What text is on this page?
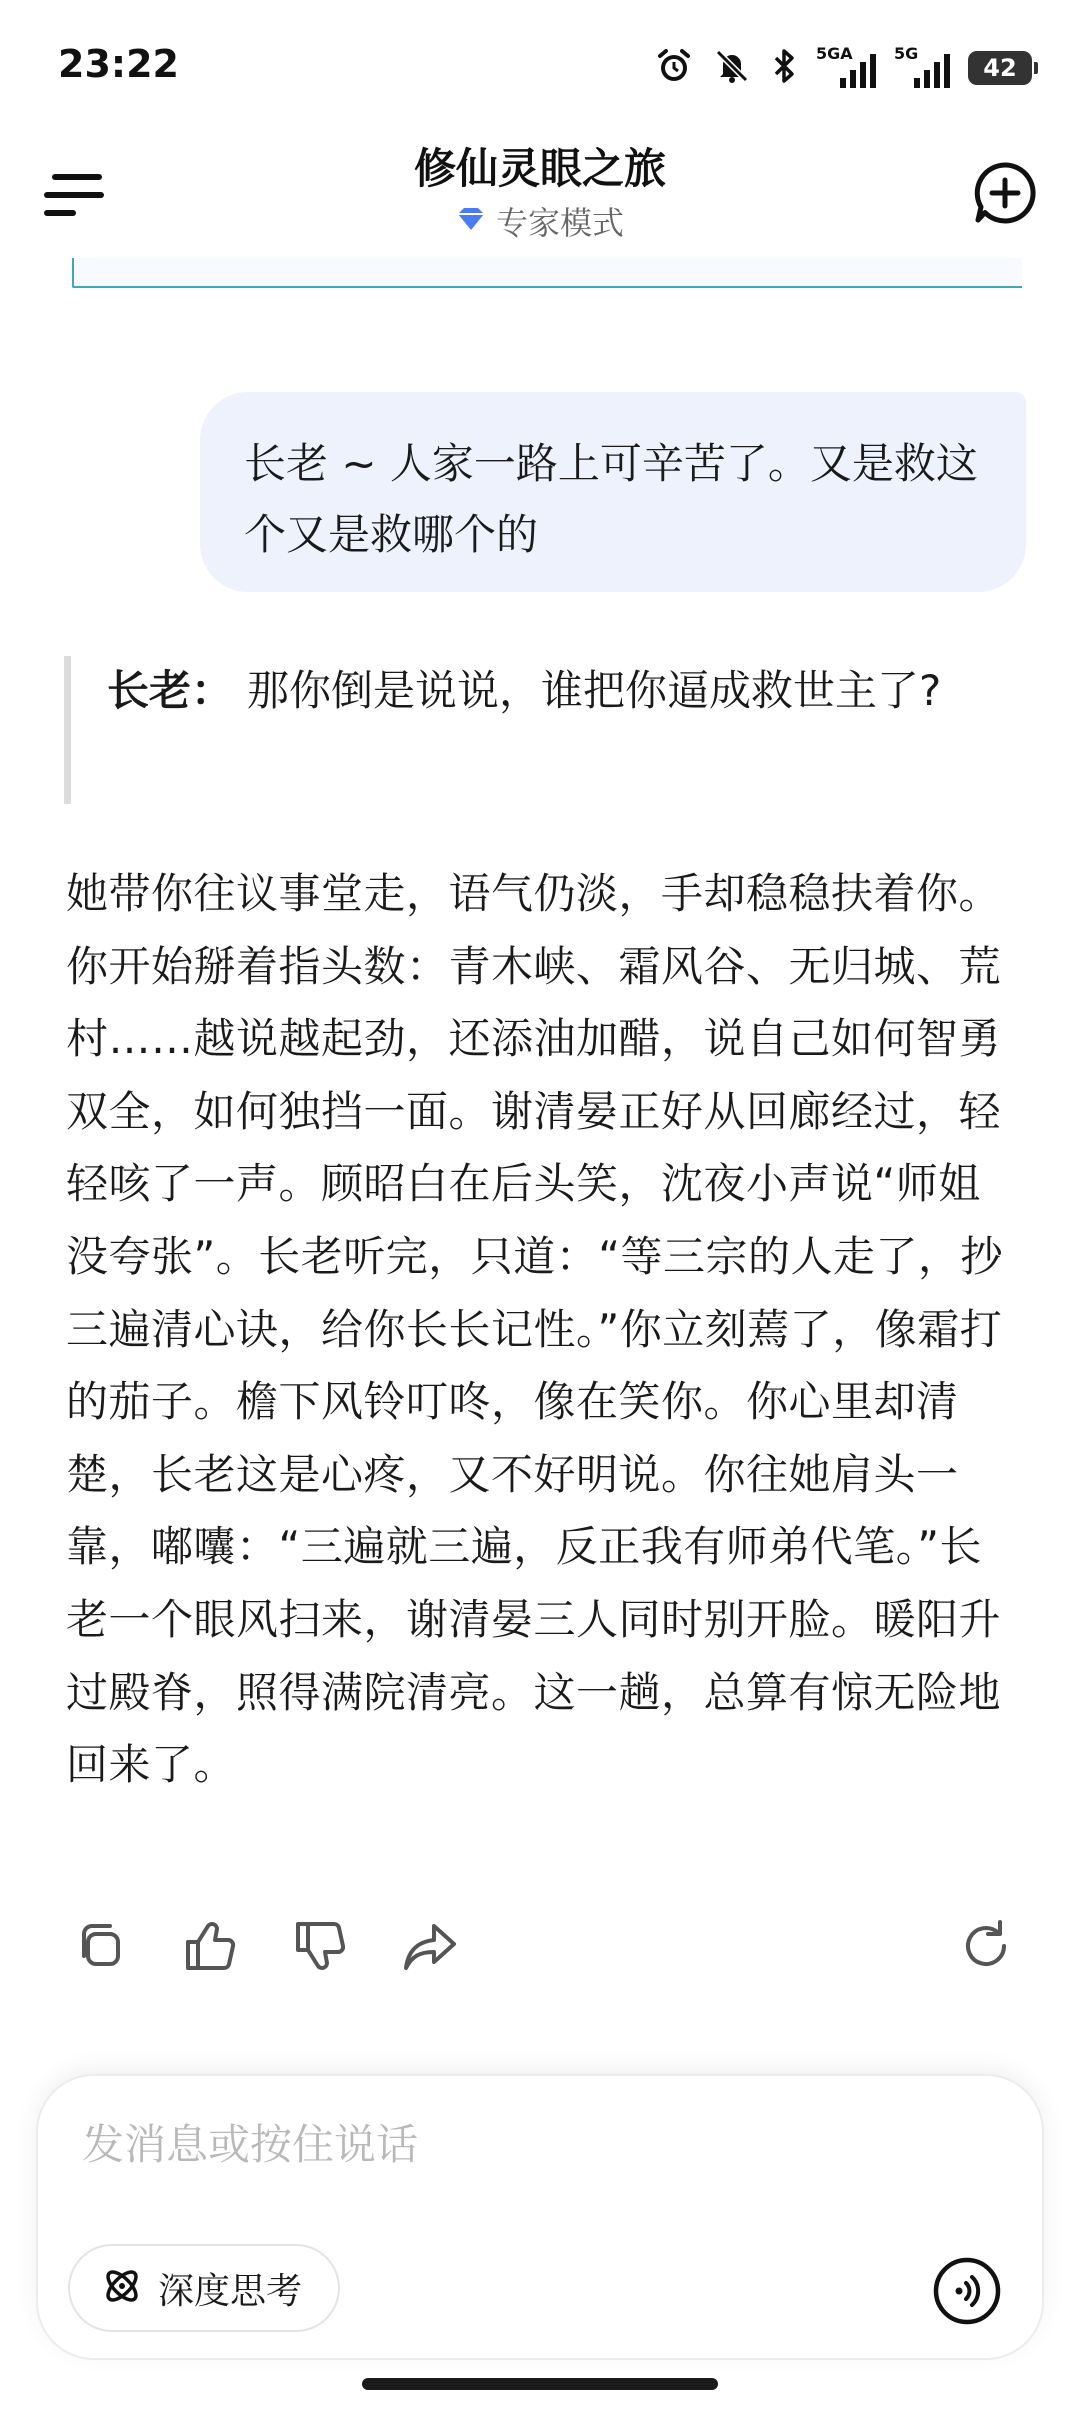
23:22	5GA	5G
42
修仙灵眼之旅
专家模式
长老 ~ 人家一路上可辛苦了。又是救这个又是救哪个的
长老： 那你倒是说说，谁把你逼成救世主了?
她带你往议事堂走，语气仍淡，手却稳稳扶着你。你开始掰着指头数：青木峡、霜风谷、无归城、荒村……越说越起劲，还添油加醋，说自己如何智勇双全，如何独挡一面。谢清晏正好从回廊经过，轻轻咳了一声。顾昭白在后头笑，沈夜小声说“师姐没夸张”。长老听完，只道：“等三宗的人走了，抄三遍清心诀，给你长长记性。”你立刻蔫了，像霜打的茄子。檐下风铃叮咚，像在笑你。你心里却清楚，长老这是心疼，又不好明说。你往她肩头一靠，嘟囔：“三遍就三遍，反正我有师弟代笔。”长老一个眼风扫来，谢清晏三人同时别开脸。暖阳升过殿脊，照得满院清亮。这一趟，总算有惊无险地回来了。
发消息或按住说话
深度思考
